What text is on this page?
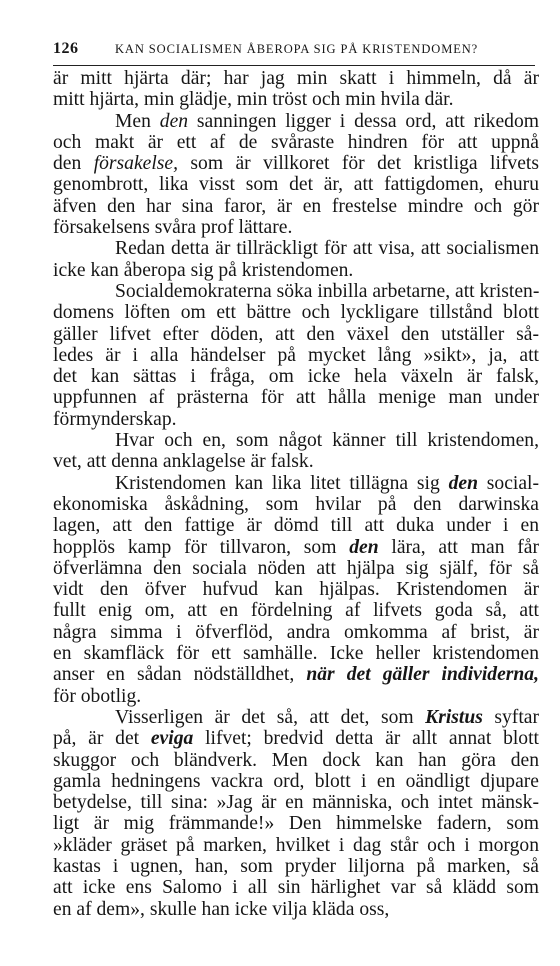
126	KAN SOCIALISMEN ÅBEROPA SIG PÅ KRISTENDOMEN?
är mitt hjärta där; har jag min skatt i himmeln, då är
mitt hjärta, min glädje, min tröst och min hvila där.
Men den sanningen ligger i dessa ord, att rikedom
och makt är ett af de svåraste hindren för att uppnå
den försakelse, som är villkoret för det kristliga lifvets
genombrott, lika visst som det är, att fattigdomen, ehuru
äfven den har sina faror, är en frestelse mindre och gör
försakelsens svåra prof lättare.
Redan detta är tillräckligt för att visa, att socialismen
icke kan åberopa sig på kristendomen.
Socialdemokraterna söka inbilla arbetarne, att kristen-
domens löften om ett bättre och lyckligare tillstånd blott
gäller lifvet efter döden, att den växel den utställer så-
ledes är i alla händelser på mycket lång »sikt», ja, att
det kan sättas i fråga, om icke hela växeln är falsk,
uppfunnen af prästerna för att hålla menige man under
förmynderskap.
Hvar och en, som något känner till kristendomen,
vet, att denna anklagelse är falsk.
Kristendomen kan lika litet tillägna sig den social-
ekonomiska åskådning, som hvilar på den darwinska
lagen, att den fattige är dömd till att duka under i en
hopplös kamp för tillvaron, som den lära, att man får
öfverlämna den sociala nöden att hjälpa sig själf, för så
vidt den öfver hufvud kan hjälpas. Kristendomen är
fullt enig om, att en fördelning af lifvets goda så, att
några simma i öfverflöd, andra omkomma af brist, är
en skamfläck för ett samhälle. Icke heller kristendomen
anser en sådan nödställdhet, när det gäller individerna,
för obotlig.
Visserligen är det så, att det, som Kristus syftar
på, är det eviga lifvet; bredvid detta är allt annat blott
skuggor och bländverk. Men dock kan han göra den
gamla hedningens vackra ord, blott i en oändligt djupare
betydelse, till sina: »Jag är en människa, och intet mänsk-
ligt är mig främmande!» Den himmelske fadern, som
»kläder gräset på marken, hvilket i dag står och i morgon
kastas i ugnen, han, som pryder liljorna på marken, så
att icke ens Salomo i all sin härlighet var så klädd som
en af dem», skulle han icke vilja kläda oss,
